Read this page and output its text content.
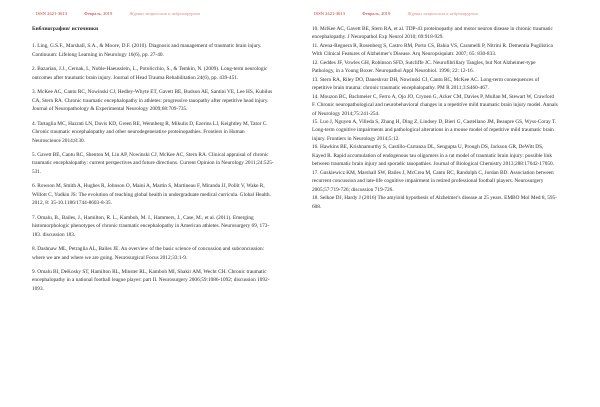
ISSN 2421-3613	Февраль, 2019	Журнал неврологии и нейрохирургии
Библиография/ источники

1. Ling, G.S.F., Marshall, S.A., & Moore, D.F. (2010). Diagnosis and management of traumatic brain injury. Continuum: Lifelong Learning in Neurology 16(6), pp. 27-40.

2. Bazarian, J.J., Cernak, I., Noble-Haeusslein, L., Potolicchio, S., & Temkin, N. (2009). Long-term neurologic outcomes after traumatic brain injury. Journal of Head Trauma Rehabilitation 24(6), pp. 439-451.

3. McKee AC, Cantu RC, Nowinski CJ, Hedley-Whyte ET, Gavett BE, Budson AE, Santini VE, Lee HS, Kubilus CA, Stern RA. Chronic traumatic encephalopathy in athletes: progressive tauopathy after repetitive head injury. Journal of Neuropathology & Experimental Neurology 2009;68:709-735.

4. Tartaglia MC, Hazrati LN, Davis KD, Green RE, Wennberg R, Mikulis D, Ezerins LJ, Keightley M, Tator C. Chronic traumatic encephalopathy and other neurodegenerative proteinopathies. Frontiers in Human Neuroscience 2014;8:30.

5. Gavett BE, Cantu RC, Shenton M, Lin AP, Nowinski CJ, McKee AC, Stern RA. Clinical appraisal of chronic traumatic encephalopathy: current perspectives and future directions. Current Opinion in Neurology 2011;24:525-531.

6. Rowson M, Smith A, Hughes R, Johnson O, Maini A, Martin S, Martineau F, Miranda JJ, Pollit V, Wake R, Willott C, Yudkin JS: The evolution of teaching global health in undergraduate medical curricula. Global Health. 2012, 8: 35-10.1186/1744-8603-8-35.

7. Omalu, B., Bailes, J., Hamilton, R. L., Kamboh, M. I., Hammers, J., Case, M., et al. (2011). Emerging histomorphologic phenotypes of chronic traumatic encephalopathy in American athletes. Neurosurgery 69, 173-183. discussion 183.

8. Dashnaw ML, Petraglia AL, Bailes JE. An overview of the basic science of concussion and subconcussion: where we are and where we are going. Neurosurgical Focus 2012;33:1-9.

9. Omalu BI, DeKosky ST, Hamilton RL, Minster RL, Kamboh MI, Shakir AM, Wecht CH. Chronic traumatic encephalopathy in a national football league player: part II. Neurosurgery 2006;59:1086-1092; discussion 1092-1093.

ISSN 2421-3613	Февраль, 2019	Журнал неврологии и нейрохирургии

10. McKee AC, Gavett BE, Stern RA, et al. TDP-43 proteinopathy and motor neuron disease in chronic traumatic encephalopathy. J Neuropathol Exp Neurol 2010; 69:918-929.

11. Arena-Reguera R, Rosenberg S, Castro RM, Porto CS, Bahia VS, Caramelli P, Nitrini R. Dementia Pugilistica With Clinical Features of Alzheimer's Disease. Arq Neuropsiquiatr. 2007; 65: 830-833.

12. Geddes JF, Vowles GH, Robinson SFD, Sutcliffe JC. Neurofibrillary Tangles, but Not Alzheimer-type Pathology, in a Young Boxer. Neuropathol Appl Neurobiol. 1996; 22: 12-16.

13. Stern RA, Riley DO, Daneshvar DH, Nowinski CJ, Cantu RC, McKee AC. Long-term consequences of repetitive brain trauma: chronic traumatic encephalopathy. PM R 2011;3:S460-467.

14. Mouzon BC, Bachmeier C, Ferro A, Ojo JO, Crynen G, Acker CM, Davies P, Mullan M, Stewart W, Crawford F. Chronic neuropathological and neurobehavioral changes in a repetitive mild traumatic brain injury model. Annals of Neurology 2014;75:241-254.

15. Luo J, Nguyen A, Villeda S, Zhang H, Ding Z, Lindsey D, Bieri G, Castellano JM, Beaupre GS, Wyss-Coray T. Long-term cognitive impairments and pathological alterations in a mouse model of repetitive mild traumatic brain injury. Frontiers in Neurology 2014;5:12.

16. Hawkins BE, Krishnamurthy S, Castillo-Carranza DL, Sengupta U, Prough DS, Jackson GR, DeWitt DS, Kayed R. Rapid accumulation of endogenous tau oligomers in a rat model of traumatic brain injury: possible link between traumatic brain injury and sporadic tauopathies. Journal of Biological Chemistry 2013;288:17042-17050.

17. Guskiewicz KM, Marshall SW, Bailes J, McCrea M, Cantu RC, Randolph C, Jordan BD. Association between recurrent concussion and late-life cognitive impairment in retired professional football players. Neurosurgery 2005;57:719-726; discussion 719-726.

18. Selkoe DJ, Hardy J (2016) The amyloid hypothesis of Alzheimer's disease at 25 years. EMBO Mol Med 8, 595-608.
